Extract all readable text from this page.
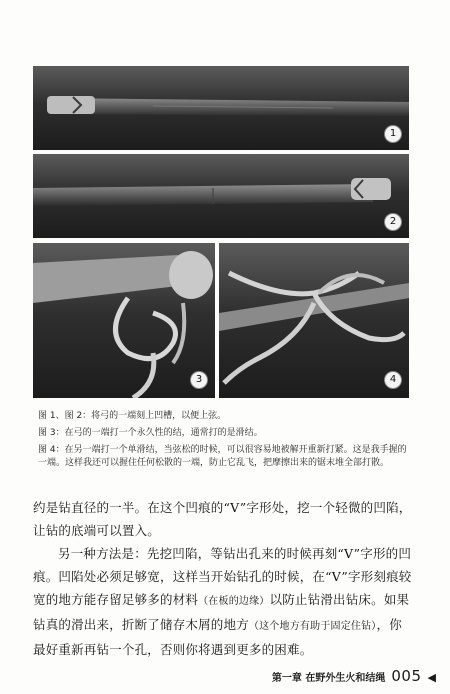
1
2
3	4
图 1、图 2：将弓的一端刻上凹槽，以便上弦。
图 3：在弓的一端打一个永久性的结，通常打的是滑结。
图 4：在另一端打一个单滑结，当弦松的时候，可以很容易地被解开重新打紧。这是我手握的一端。这样我还可以握住任何松散的一端，防止它乱飞，把摩擦出来的锯末堆全部打散。
约是钻直径的一半。在这个凹痕的“V”字形处，挖一个轻微的凹陷，让钻的底端可以置入。
另一种方法是：先挖凹陷，等钻出孔来的时候再刻“V”字形的凹痕。凹陷处必须足够宽，这样当开始钻孔的时候，在“V”字形刻痕较宽的地方能存留足够多的材料（在板的边缘）以防止钻滑出钻床。如果钻真的滑出来，折断了储存木屑的地方（这个地方有助于固定住钻），你最好重新再钻一个孔，否则你将遇到更多的困难。
第一章 在野外生火和结绳 005 ◀
